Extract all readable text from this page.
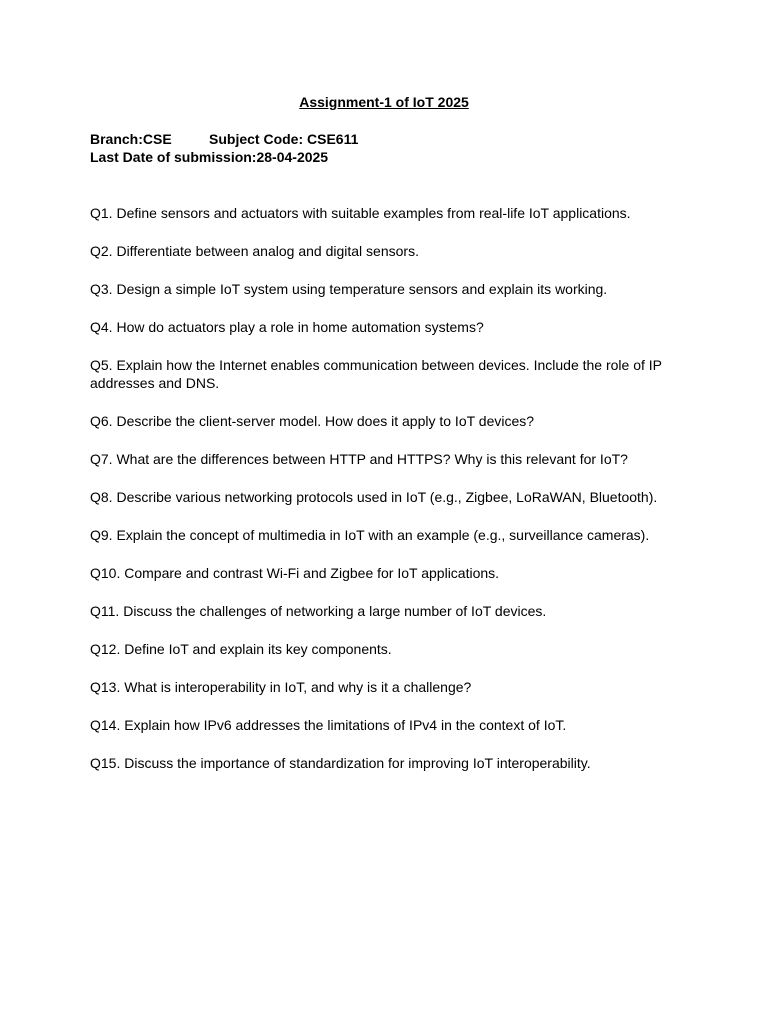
Assignment-1 of IoT 2025

Branch:CSE	Subject Code: CSE611
Last Date of submission:28-04-2025

Q1. Define sensors and actuators with suitable examples from real-life IoT applications.

Q2. Differentiate between analog and digital sensors.

Q3. Design a simple IoT system using temperature sensors and explain its working.

Q4. How do actuators play a role in home automation systems?

Q5. Explain how the Internet enables communication between devices. Include the role of IP addresses and DNS.

Q6. Describe the client-server model. How does it apply to IoT devices?

Q7. What are the differences between HTTP and HTTPS? Why is this relevant for IoT?

Q8. Describe various networking protocols used in IoT (e.g., Zigbee, LoRaWAN, Bluetooth).

Q9. Explain the concept of multimedia in IoT with an example (e.g., surveillance cameras).

Q10. Compare and contrast Wi-Fi and Zigbee for IoT applications.

Q11. Discuss the challenges of networking a large number of IoT devices.

Q12. Define IoT and explain its key components.

Q13. What is interoperability in IoT, and why is it a challenge?

Q14. Explain how IPv6 addresses the limitations of IPv4 in the context of IoT.

Q15. Discuss the importance of standardization for improving IoT interoperability.
